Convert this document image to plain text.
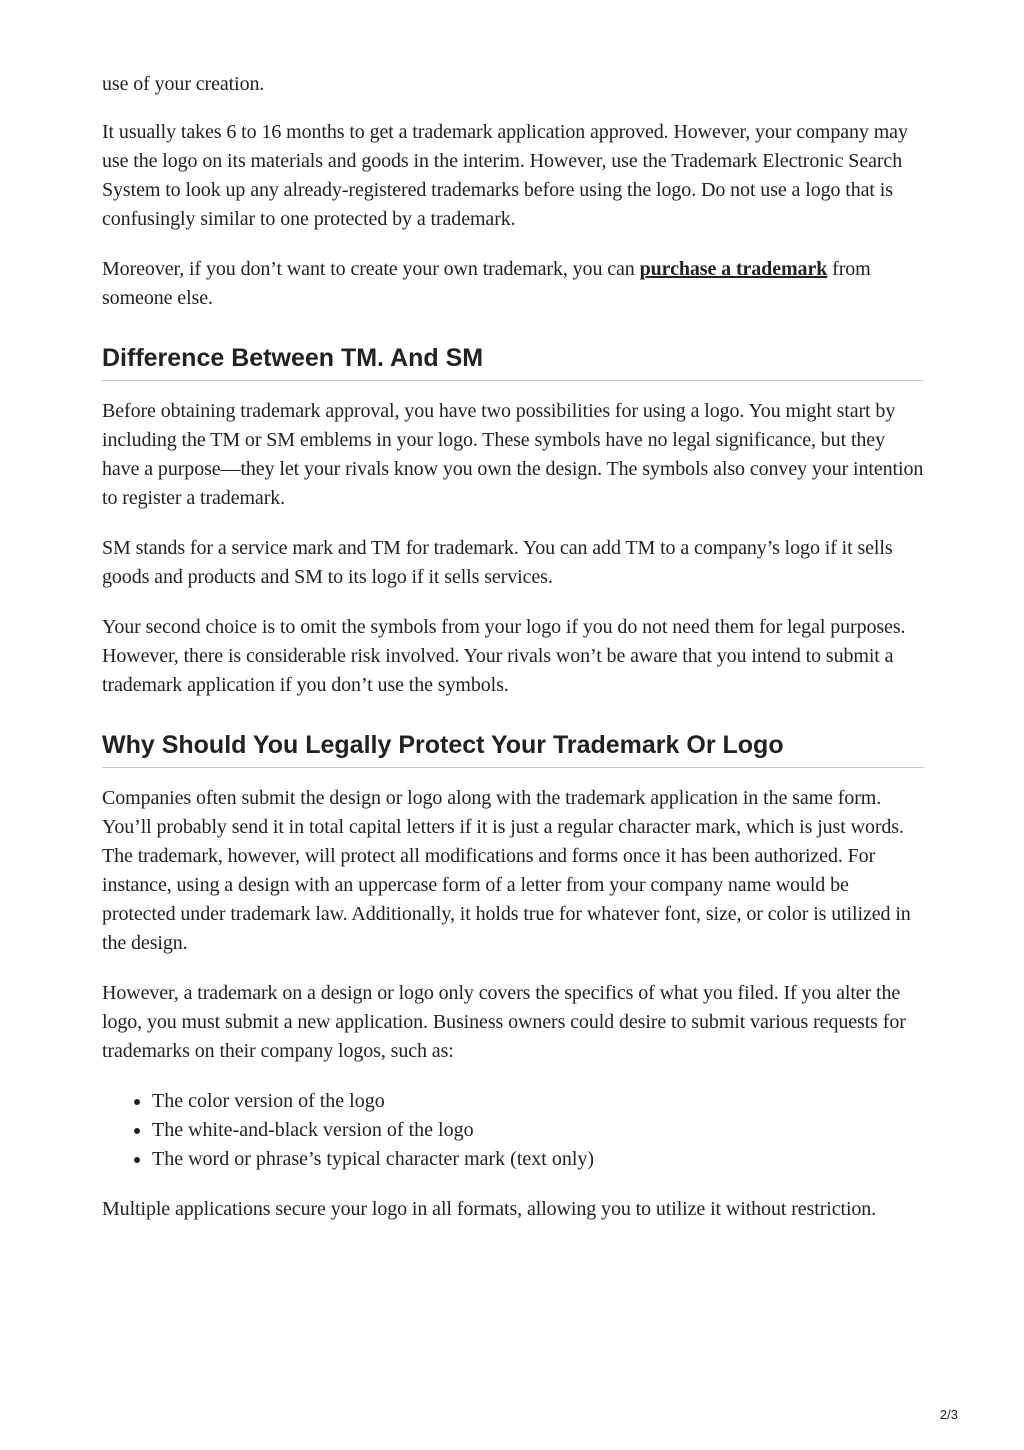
use of your creation.

It usually takes 6 to 16 months to get a trademark application approved. However, your company may use the logo on its materials and goods in the interim. However, use the Trademark Electronic Search System to look up any already-registered trademarks before using the logo. Do not use a logo that is confusingly similar to one protected by a trademark.

Moreover, if you don’t want to create your own trademark, you can purchase a trademark from someone else.

Difference Between TM. And SM

Before obtaining trademark approval, you have two possibilities for using a logo. You might start by including the TM or SM emblems in your logo. These symbols have no legal significance, but they have a purpose—they let your rivals know you own the design. The symbols also convey your intention to register a trademark.

SM stands for a service mark and TM for trademark. You can add TM to a company’s logo if it sells goods and products and SM to its logo if it sells services.

Your second choice is to omit the symbols from your logo if you do not need them for legal purposes. However, there is considerable risk involved. Your rivals won’t be aware that you intend to submit a trademark application if you don’t use the symbols.

Why Should You Legally Protect Your Trademark Or Logo

Companies often submit the design or logo along with the trademark application in the same form. You’ll probably send it in total capital letters if it is just a regular character mark, which is just words. The trademark, however, will protect all modifications and forms once it has been authorized. For instance, using a design with an uppercase form of a letter from your company name would be protected under trademark law. Additionally, it holds true for whatever font, size, or color is utilized in the design.

However, a trademark on a design or logo only covers the specifics of what you filed. If you alter the logo, you must submit a new application. Business owners could desire to submit various requests for trademarks on their company logos, such as:

• The color version of the logo
• The white-and-black version of the logo
• The word or phrase’s typical character mark (text only)

Multiple applications secure your logo in all formats, allowing you to utilize it without restriction.

2/3
